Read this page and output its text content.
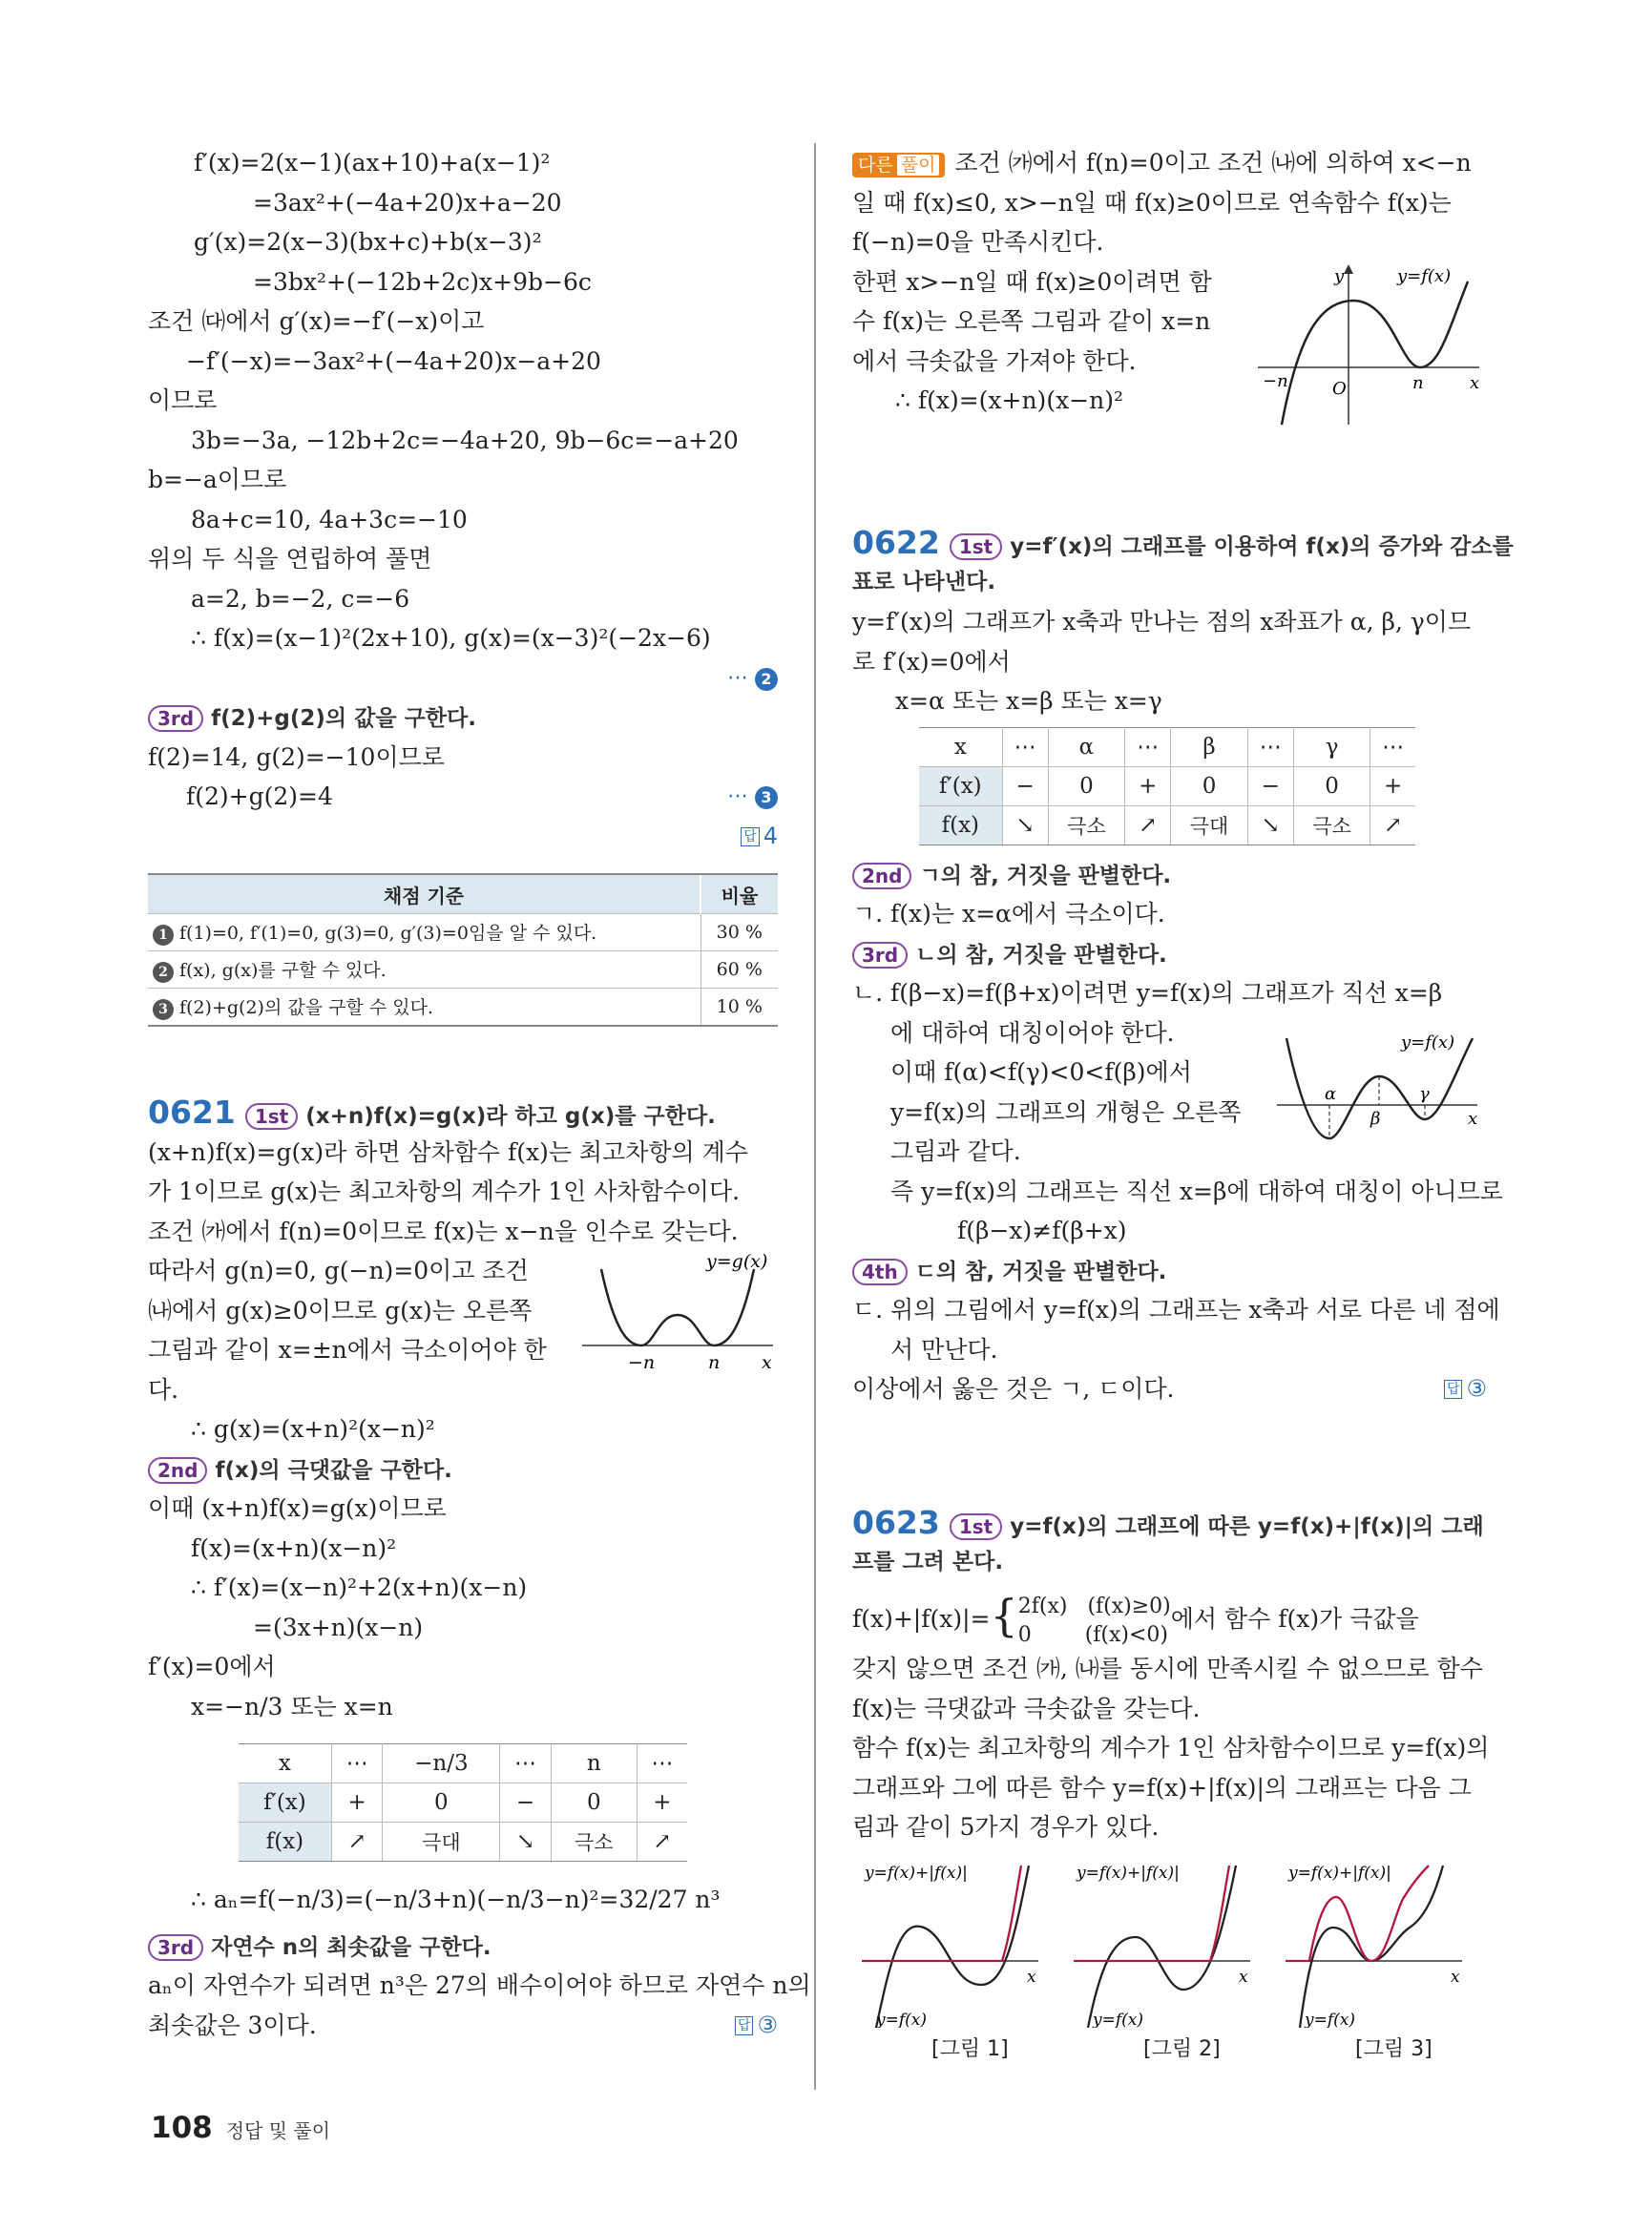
f′(x)=2(x−1)(ax+10)+a(x−1)²
=3ax²+(−4a+20)x+a−20
g′(x)=2(x−3)(bx+c)+b(x−3)²
=3bx²+(−12b+2c)x+9b−6c
조건 ㈐에서 g′(x)=−f′(−x)이고
−f′(−x)=−3ax²+(−4a+20)x−a+20
이므로
3b=−3a, −12b+2c=−4a+20, 9b−6c=−a+20
b=−a이므로
8a+c=10, 4a+3c=−10
위의 두 식을 연립하여 풀면
a=2, b=−2, c=−6
∴ f(x)=(x−1)²(2x+10), g(x)=(x−3)²(−2x−6)
⋯ 2
3rd f(2)+g(2)의 값을 구한다.
f(2)=14, g(2)=−10이므로
f(2)+g(2)=4	⋯ 3
답 4
채점 기준	비율
1 f(1)=0, f′(1)=0, g(3)=0, g′(3)=0임을 알 수 있다.	30 %
2 f(x), g(x)를 구할 수 있다.	60 %
3 f(2)+g(2)의 값을 구할 수 있다.	10 %
0621 1st (x+n)f(x)=g(x)라 하고 g(x)를 구한다.
(x+n)f(x)=g(x)라 하면 삼차함수 f(x)는 최고차항의 계수
가 1이므로 g(x)는 최고차항의 계수가 1인 사차함수이다.
조건 ㈎에서 f(n)=0이므로 f(x)는 x−n을 인수로 갖는다.
따라서 g(n)=0, g(−n)=0이고 조건
㈏에서 g(x)≥0이므로 g(x)는 오른쪽
그림과 같이 x=±n에서 극소이어야 한
다.
∴ g(x)=(x+n)²(x−n)²
y=g(x)
−n	n x
2nd f(x)의 극댓값을 구한다.
이때 (x+n)f(x)=g(x)이므로
f(x)=(x+n)(x−n)²
∴ f′(x)=(x−n)²+2(x+n)(x−n)
=(3x+n)(x−n)
f′(x)=0에서
x=−n/3 또는 x=n
x	⋯	−n/3	⋯	n	⋯
f′(x)	+	0	−	0	+
f(x)	↗	극대	↘	극소	↗
∴ aₙ=f(−n/3)=(−n/3+n)(−n/3−n)²=32/27 n³
3rd 자연수 n의 최솟값을 구한다.
aₙ이 자연수가 되려면 n³은 27의 배수이어야 하므로 자연수 n의
최솟값은 3이다.	답 ③
다른 풀이 조건 ㈎에서 f(n)=0이고 조건 ㈏에 의하여 x<−n
일 때 f(x)≤0, x>−n일 때 f(x)≥0이므로 연속함수 f(x)는
f(−n)=0을 만족시킨다.
한편 x>−n일 때 f(x)≥0이려면 함
수 f(x)는 오른쪽 그림과 같이 x=n
에서 극솟값을 가져야 한다.
∴ f(x)=(x+n)(x−n)²
y	y=f(x)
O
−n	n	x
0622 1st y=f′(x)의 그래프를 이용하여 f(x)의 증가와 감소를
표로 나타낸다.
y=f′(x)의 그래프가 x축과 만나는 점의 x좌표가 α, β, γ이므
로 f′(x)=0에서
x=α 또는 x=β 또는 x=γ
x	⋯	α	⋯	β	⋯	γ	⋯
f′(x)	−	0	+	0	−	0	+
f(x)	↘	극소	↗	극대	↘	극소	↗
2nd ㄱ의 참, 거짓을 판별한다.
ㄱ. f(x)는 x=α에서 극소이다.
3rd ㄴ의 참, 거짓을 판별한다.
ㄴ. f(β−x)=f(β+x)이려면 y=f(x)의 그래프가 직선 x=β
에 대하여 대칭이어야 한다.
이때 f(α)<f(γ)<0<f(β)에서
y=f(x)의 그래프의 개형은 오른쪽
그림과 같다.
즉 y=f(x)의 그래프는 직선 x=β에 대하여 대칭이 아니므로
f(β−x)≠f(β+x)
y=f(x)
α
β
γ
x
4th ㄷ의 참, 거짓을 판별한다.
ㄷ. 위의 그림에서 y=f(x)의 그래프는 x축과 서로 다른 네 점에
서 만난다.
이상에서 옳은 것은 ㄱ, ㄷ이다.	답 ③
0623 1st y=f(x)의 그래프에 따른 y=f(x)+|f(x)|의 그래
프를 그려 본다.
f(x)+|f(x)|={2f(x)   (f(x)≥0)
0        (f(x)<0)에서 함수 f(x)가 극값을
갖지 않으면 조건 ㈎, ㈏를 동시에 만족시킬 수 없으므로 함수
f(x)는 극댓값과 극솟값을 갖는다.
함수 f(x)는 최고차항의 계수가 1인 삼차함수이므로 y=f(x)의
그래프와 그에 따른 함수 y=f(x)+|f(x)|의 그래프는 다음 그
림과 같이 5가지 경우가 있다.
y=f(x)+|f(x)|
y=f(x)
x
y=f(x)+|f(x)|
y=f(x)
x
y=f(x)+|f(x)|
y=f(x)
x
[그림 1]	[그림 2]	[그림 3]
108 정답 및 풀이
